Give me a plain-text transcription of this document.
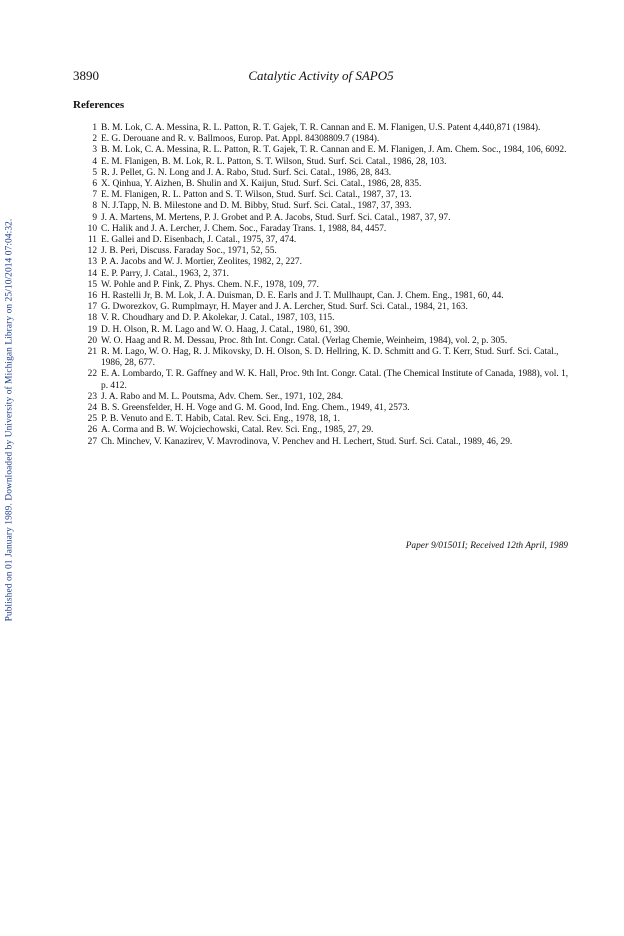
Published on 01 January 1989. Downloaded by University of Michigan Library on 25/10/2014 07:04:32.
3890	Catalytic Activity of SAPO5
References
1 B. M. Lok, C. A. Messina, R. L. Patton, R. T. Gajek, T. R. Cannan and E. M. Flanigen, U.S. Patent 4,440,871 (1984).
2 E. G. Derouane and R. v. Ballmoos, Europ. Pat. Appl. 84308809.7 (1984).
3 B. M. Lok, C. A. Messina, R. L. Patton, R. T. Gajek, T. R. Cannan and E. M. Flanigen, J. Am. Chem. Soc., 1984, 106, 6092.
4 E. M. Flanigen, B. M. Lok, R. L. Patton, S. T. Wilson, Stud. Surf. Sci. Catal., 1986, 28, 103.
5 R. J. Pellet, G. N. Long and J. A. Rabo, Stud. Surf. Sci. Catal., 1986, 28, 843.
6 X. Qinhua, Y. Aizhen, B. Shulin and X. Kaijun, Stud. Surf. Sci. Catal., 1986, 28, 835.
7 E. M. Flanigen, R. L. Patton and S. T. Wilson, Stud. Surf. Sci. Catal., 1987, 37, 13.
8 N. J.Tapp, N. B. Milestone and D. M. Bibby, Stud. Surf. Sci. Catal., 1987, 37, 393.
9 J. A. Martens, M. Mertens, P. J. Grobet and P. A. Jacobs, Stud. Surf. Sci. Catal., 1987, 37, 97.
10 C. Halik and J. A. Lercher, J. Chem. Soc., Faraday Trans. 1, 1988, 84, 4457.
11 E. Gallei and D. Eisenbach, J. Catal., 1975, 37, 474.
12 J. B. Peri, Discuss. Faraday Soc., 1971, 52, 55.
13 P. A. Jacobs and W. J. Mortier, Zeolites, 1982, 2, 227.
14 E. P. Parry, J. Catal., 1963, 2, 371.
15 W. Pohle and P. Fink, Z. Phys. Chem. N.F., 1978, 109, 77.
16 H. Rastelli Jr, B. M. Lok, J. A. Duisman, D. E. Earls and J. T. Mullhaupt, Can. J. Chem. Eng., 1981, 60, 44.
17 G. Dworezkov, G. Rumplmayr, H. Mayer and J. A. Lercher, Stud. Surf. Sci. Catal., 1984, 21, 163.
18 V. R. Choudhary and D. P. Akolekar, J. Catal., 1987, 103, 115.
19 D. H. Olson, R. M. Lago and W. O. Haag, J. Catal., 1980, 61, 390.
20 W. O. Haag and R. M. Dessau, Proc. 8th Int. Congr. Catal. (Verlag Chemie, Weinheim, 1984), vol. 2, p. 305.
21 R. M. Lago, W. O. Hag, R. J. Mikovsky, D. H. Olson, S. D. Hellring, K. D. Schmitt and G. T. Kerr, Stud. Surf. Sci. Catal., 1986, 28, 677.
22 E. A. Lombardo, T. R. Gaffney and W. K. Hall, Proc. 9th Int. Congr. Catal. (The Chemical Institute of Canada, 1988), vol. 1, p. 412.
23 J. A. Rabo and M. L. Poutsma, Adv. Chem. Ser., 1971, 102, 284.
24 B. S. Greensfelder, H. H. Voge and G. M. Good, Ind. Eng. Chem., 1949, 41, 2573.
25 P. B. Venuto and E. T. Habib, Catal. Rev. Sci. Eng., 1978, 18, 1.
26 A. Corma and B. W. Wojciechowski, Catal. Rev. Sci. Eng., 1985, 27, 29.
27 Ch. Minchev, V. Kanazirev, V. Mavrodinova, V. Penchev and H. Lechert, Stud. Surf. Sci. Catal., 1989, 46, 29.
Paper 9/01501I; Received 12th April, 1989
